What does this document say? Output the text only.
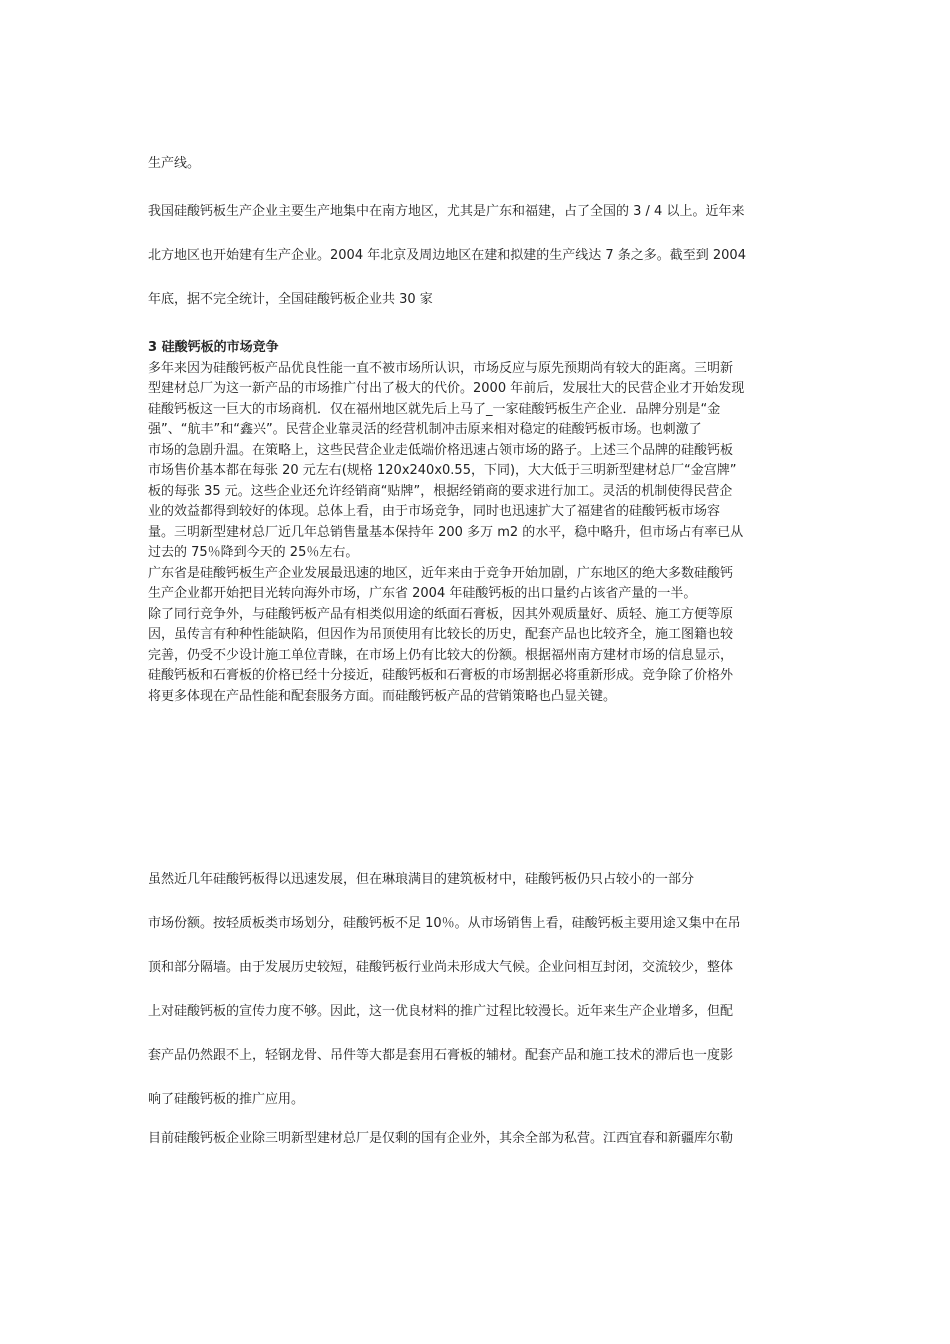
生产线。
我国硅酸钙板生产企业主要生产地集中在南方地区，尤其是广东和福建，占了全国的 3 / 4 以上。近年来
北方地区也开始建有生产企业。2004 年北京及周边地区在建和拟建的生产线达 7 条之多。截至到 2004
年底，据不完全统计，全国硅酸钙板企业共 30 家
3 硅酸钙板的市场竞争
多年来因为硅酸钙板产品优良性能一直不被市场所认识，市场反应与原先预期尚有较大的距离。三明新
型建材总厂为这一新产品的市场推广付出了极大的代价。2000 年前后，发展壮大的民营企业才开始发现
硅酸钙板这一巨大的市场商机．仅在福州地区就先后上马了_一家硅酸钙板生产企业．品牌分别是“金
强”、“航丰”和“鑫兴”。民营企业靠灵活的经营机制冲击原来相对稳定的硅酸钙板市场。也刺激了
市场的急剧升温。在策略上，这些民营企业走低端价格迅速占领市场的路子。上述三个品牌的硅酸钙板
市场售价基本都在每张 20 元左右(规格 120x240x0.55，下同)，大大低于三明新型建材总厂“金宫牌”
板的每张 35 元。这些企业还允许经销商“贴牌”，根据经销商的要求进行加工。灵活的机制使得民营企
业的效益都得到较好的体现。总体上看，由于市场竞争，同时也迅速扩大了福建省的硅酸钙板市场容
量。三明新型建材总厂近几年总销售量基本保持年 200 多万 m2 的水平，稳中略升，但市场占有率已从
过去的 75％降到今天的 25％左右。
广东省是硅酸钙板生产企业发展最迅速的地区，近年来由于竞争开始加剧，广东地区的绝大多数硅酸钙
生产企业都开始把目光转向海外市场，广东省 2004 年硅酸钙板的出口量约占该省产量的一半。
除了同行竞争外，与硅酸钙板产品有相类似用途的纸面石膏板，因其外观质量好、质轻、施工方便等原
因，虽传言有种种性能缺陷，但因作为吊顶使用有比较长的历史，配套产品也比较齐全，施工图籍也较
完善，仍受不少设计施工单位青睐，在市场上仍有比较大的份额。根据福州南方建材市场的信息显示，
硅酸钙板和石膏板的价格已经十分接近，硅酸钙板和石膏板的市场割据必将重新形成。竞争除了价格外
将更多体现在产品性能和配套服务方面。而硅酸钙板产品的营销策略也凸显关键。
虽然近几年硅酸钙板得以迅速发展，但在琳琅满目的建筑板材中，硅酸钙板仍只占较小的一部分
市场份额。按轻质板类市场划分，硅酸钙板不足 10％。从市场销售上看，硅酸钙板主要用途又集中在吊
顶和部分隔墙。由于发展历史较短，硅酸钙板行业尚未形成大气候。企业问相互封闭，交流较少，整体
上对硅酸钙板的宣传力度不够。因此，这一优良材料的推广过程比较漫长。近年来生产企业增多，但配
套产品仍然跟不上，轻钢龙骨、吊件等大都是套用石膏板的辅材。配套产品和施工技术的滞后也一度影
响了硅酸钙板的推广应用。
目前硅酸钙板企业除三明新型建材总厂是仅剩的国有企业外，其余全部为私营。江西宜春和新疆库尔勒
